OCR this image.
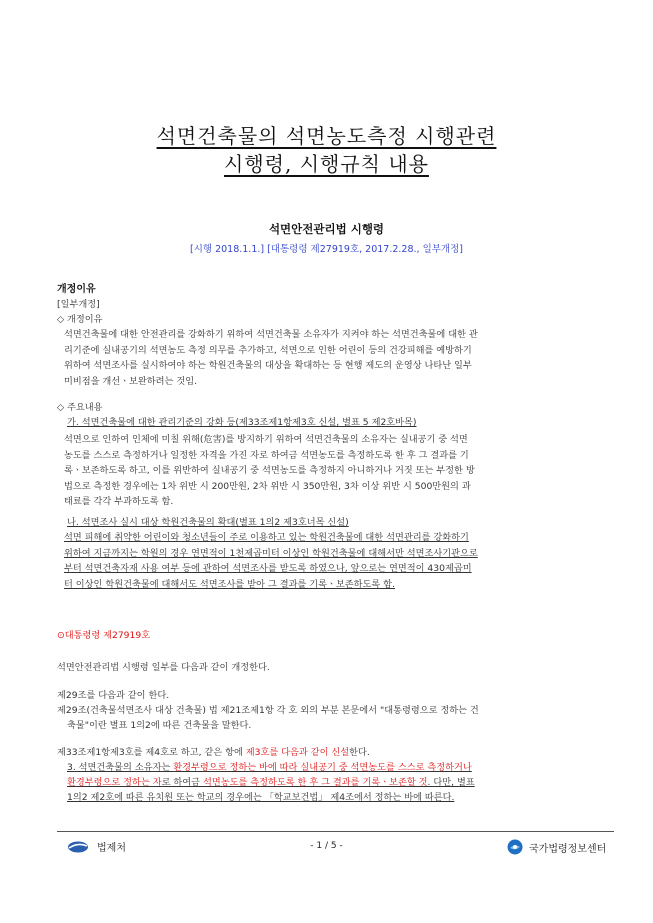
석면건축물의 석면농도측정 시행관련
시행령, 시행규칙 내용
석면안전관리법 시행령
[시행 2018.1.1.] [대통령령 제27919호, 2017.2.28., 일부개정]
개정이유
[일부개정]
◇ 개정이유
석면건축물에 대한 안전관리를 강화하기 위하여 석면건축물 소유자가 지켜야 하는 석면건축물에 대한 관
리기준에 실내공기의 석면농도 측정 의무를 추가하고, 석면으로 인한 어린이 등의 건강피해를 예방하기
위하여 석면조사를 실시하여야 하는 학원건축물의 대상을 확대하는 등 현행 제도의 운영상 나타난 일부
미비점을 개선ㆍ보완하려는 것임.
◇ 주요내용
가. 석면건축물에 대한 관리기준의 강화 등(제33조제1항제3호 신설, 별표 5 제2호바목)
석면으로 인하여 인체에 미칠 위해(危害)를 방지하기 위하여 석면건축물의 소유자는 실내공기 중 석면
농도를 스스로 측정하거나 일정한 자격을 가진 자로 하여금 석면농도를 측정하도록 한 후 그 결과를 기
록ㆍ보존하도록 하고, 이를 위반하여 실내공기 중 석면농도를 측정하지 아니하거나 거짓 또는 부정한 방
법으로 측정한 경우에는 1차 위반 시 200만원, 2차 위반 시 350만원, 3차 이상 위반 시 500만원의 과
태료를 각각 부과하도록 함.
나. 석면조사 실시 대상 학원건축물의 확대(별표 1의2 제3호너목 신설)
석면 피해에 취약한 어린이와 청소년들이 주로 이용하고 있는 학원건축물에 대한 석면관리를 강화하기
위하여 지금까지는 학원의 경우 연면적이 1천제곱미터 이상인 학원건축물에 대해서만 석면조사기관으로
부터 석면건축자재 사용 여부 등에 관하여 석면조사를 받도록 하였으나, 앞으로는 연면적이 430제곱미
터 이상인 학원건축물에 대해서도 석면조사를 받아 그 결과를 기록ㆍ보존하도록 함.
⊙대통령령 제27919호
석면안전관리법 시행령 일부를 다음과 같이 개정한다.
제29조를 다음과 같이 한다.
제29조(건축물석면조사 대상 건축물) 법 제21조제1항 각 호 외의 부분 본문에서 "대통령령으로 정하는 건
축물"이란 별표 1의2에 따른 건축물을 말한다.
제33조제1항제3호를 제4호로 하고, 같은 항에 제3호를 다음과 같이 신설한다.
3. 석면건축물의 소유자는 환경부령으로 정하는 바에 따라 실내공기 중 석면농도를 스스로 측정하거나
환경부령으로 정하는 자로 하여금 석면농도를 측정하도록 한 후 그 결과를 기록ㆍ보존할 것. 다만, 별표
1의2 제2호에 따른 유치원 또는 학교의 경우에는 「학교보건법」 제4조에서 정하는 바에 따른다.
법제처	- 1 / 5 -	국가법령정보센터
